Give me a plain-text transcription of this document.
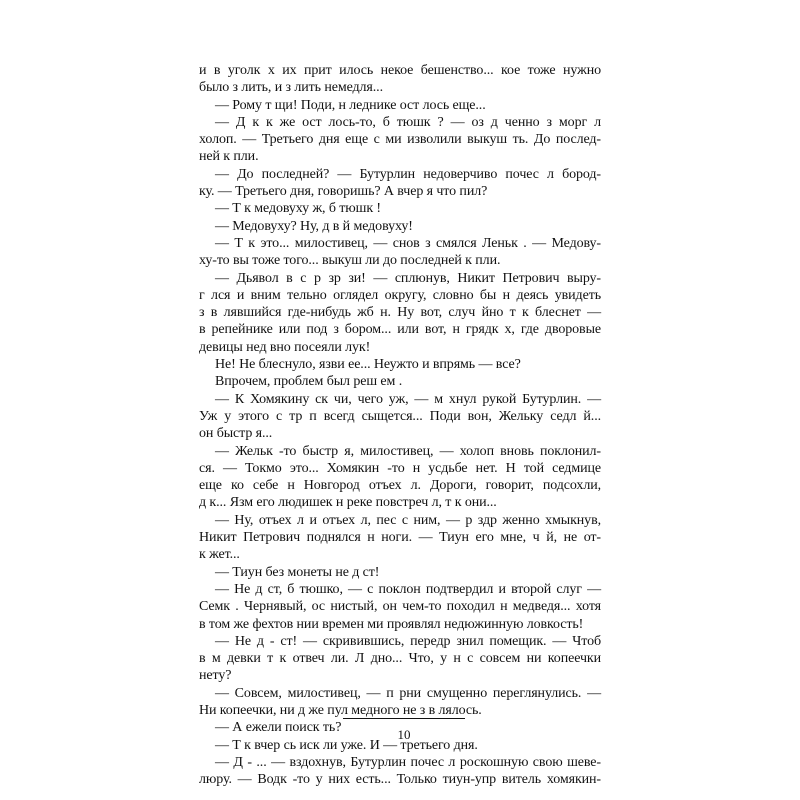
и в уголк х их прит илось некое бешенство... кое тоже нужно
было з лить, и з лить немедля...
— Рому т щи! Поди, н леднике ост лось еще...
— Д к к же ост лось-то, б тюшк ? — оз д ченно з морг л
холоп. — Третьего дня еще с ми изволили выкуш ть. До послед-
ней к пли.
— До последней? — Бутурлин недоверчиво почес л бород-
ку. — Третьего дня, говоришь? А вчер я что пил?
— Т к медовуху ж, б тюшк !
— Медовуху? Ну, д в й медовуху!
— Т к это... милостивец, — снов з смялся Леньк . — Медову-
ху-то вы тоже того... выкуш ли до последней к пли.
— Дьявол в с р зр зи! — сплюнув, Никит Петрович выру-
г лся и вним тельно оглядел округу, словно бы н деясь увидеть
з в лявшийся где-нибудь жб н. Ну вот, случ йно т к блеснет —
в репейнике или под з бором... или вот, н грядк х, где дворовые
девицы нед вно посеяли лук!
Не! Не блеснуло, язви ее... Неужто и впрямь — все?
Впрочем, проблем был реш ем .
— К Хомякину ск чи, чего уж, — м хнул рукой Бутурлин. —
Уж у этого с тр п всегд сыщется... Поди вон, Жельку седл й...
он быстр я...
— Жельк -то быстр я, милостивец, — холоп вновь поклонил-
ся. — Токмо это... Хомякин -то н усдьбе нет. Н той седмице
еще ко себе н Новгород отъех л. Дороги, говорит, подсохли,
д к... Язм его людишек н реке повстреч л, т к они...
— Ну, отъех л и отъех л, пес с ним, — р здр женно хмыкнув,
Никит Петрович поднялся н ноги. — Тиун его мне, ч й, не от-
к жет...
— Тиун без монеты не д ст!
— Не д ст, б тюшко, — с поклон подтвердил и второй слуг —
Семк . Чернявый, ос нистый, он чем-то походил н медведя... хотя
в том же фехтов нии времен ми проявлял недюжинную ловкость!
— Не д - ст! — скривившись, передр знил помещик. — Чтоб
в м девки т к отвеч ли. Л дно... Что, у н с совсем ни копеечки
нету?
— Совсем, милостивец, — п рни смущенно переглянулись. —
Ни копеечки, ни д же пул медного не з в лялось.
— А ежели поиск ть?
— Т к вчер сь иск ли уже. И — третьего дня.
— Д - ... — вздохнув, Бутурлин почес л роскошную свою шеве-
люру. — Водк -то у них есть... Только тиун-упр витель хомякин-
10
